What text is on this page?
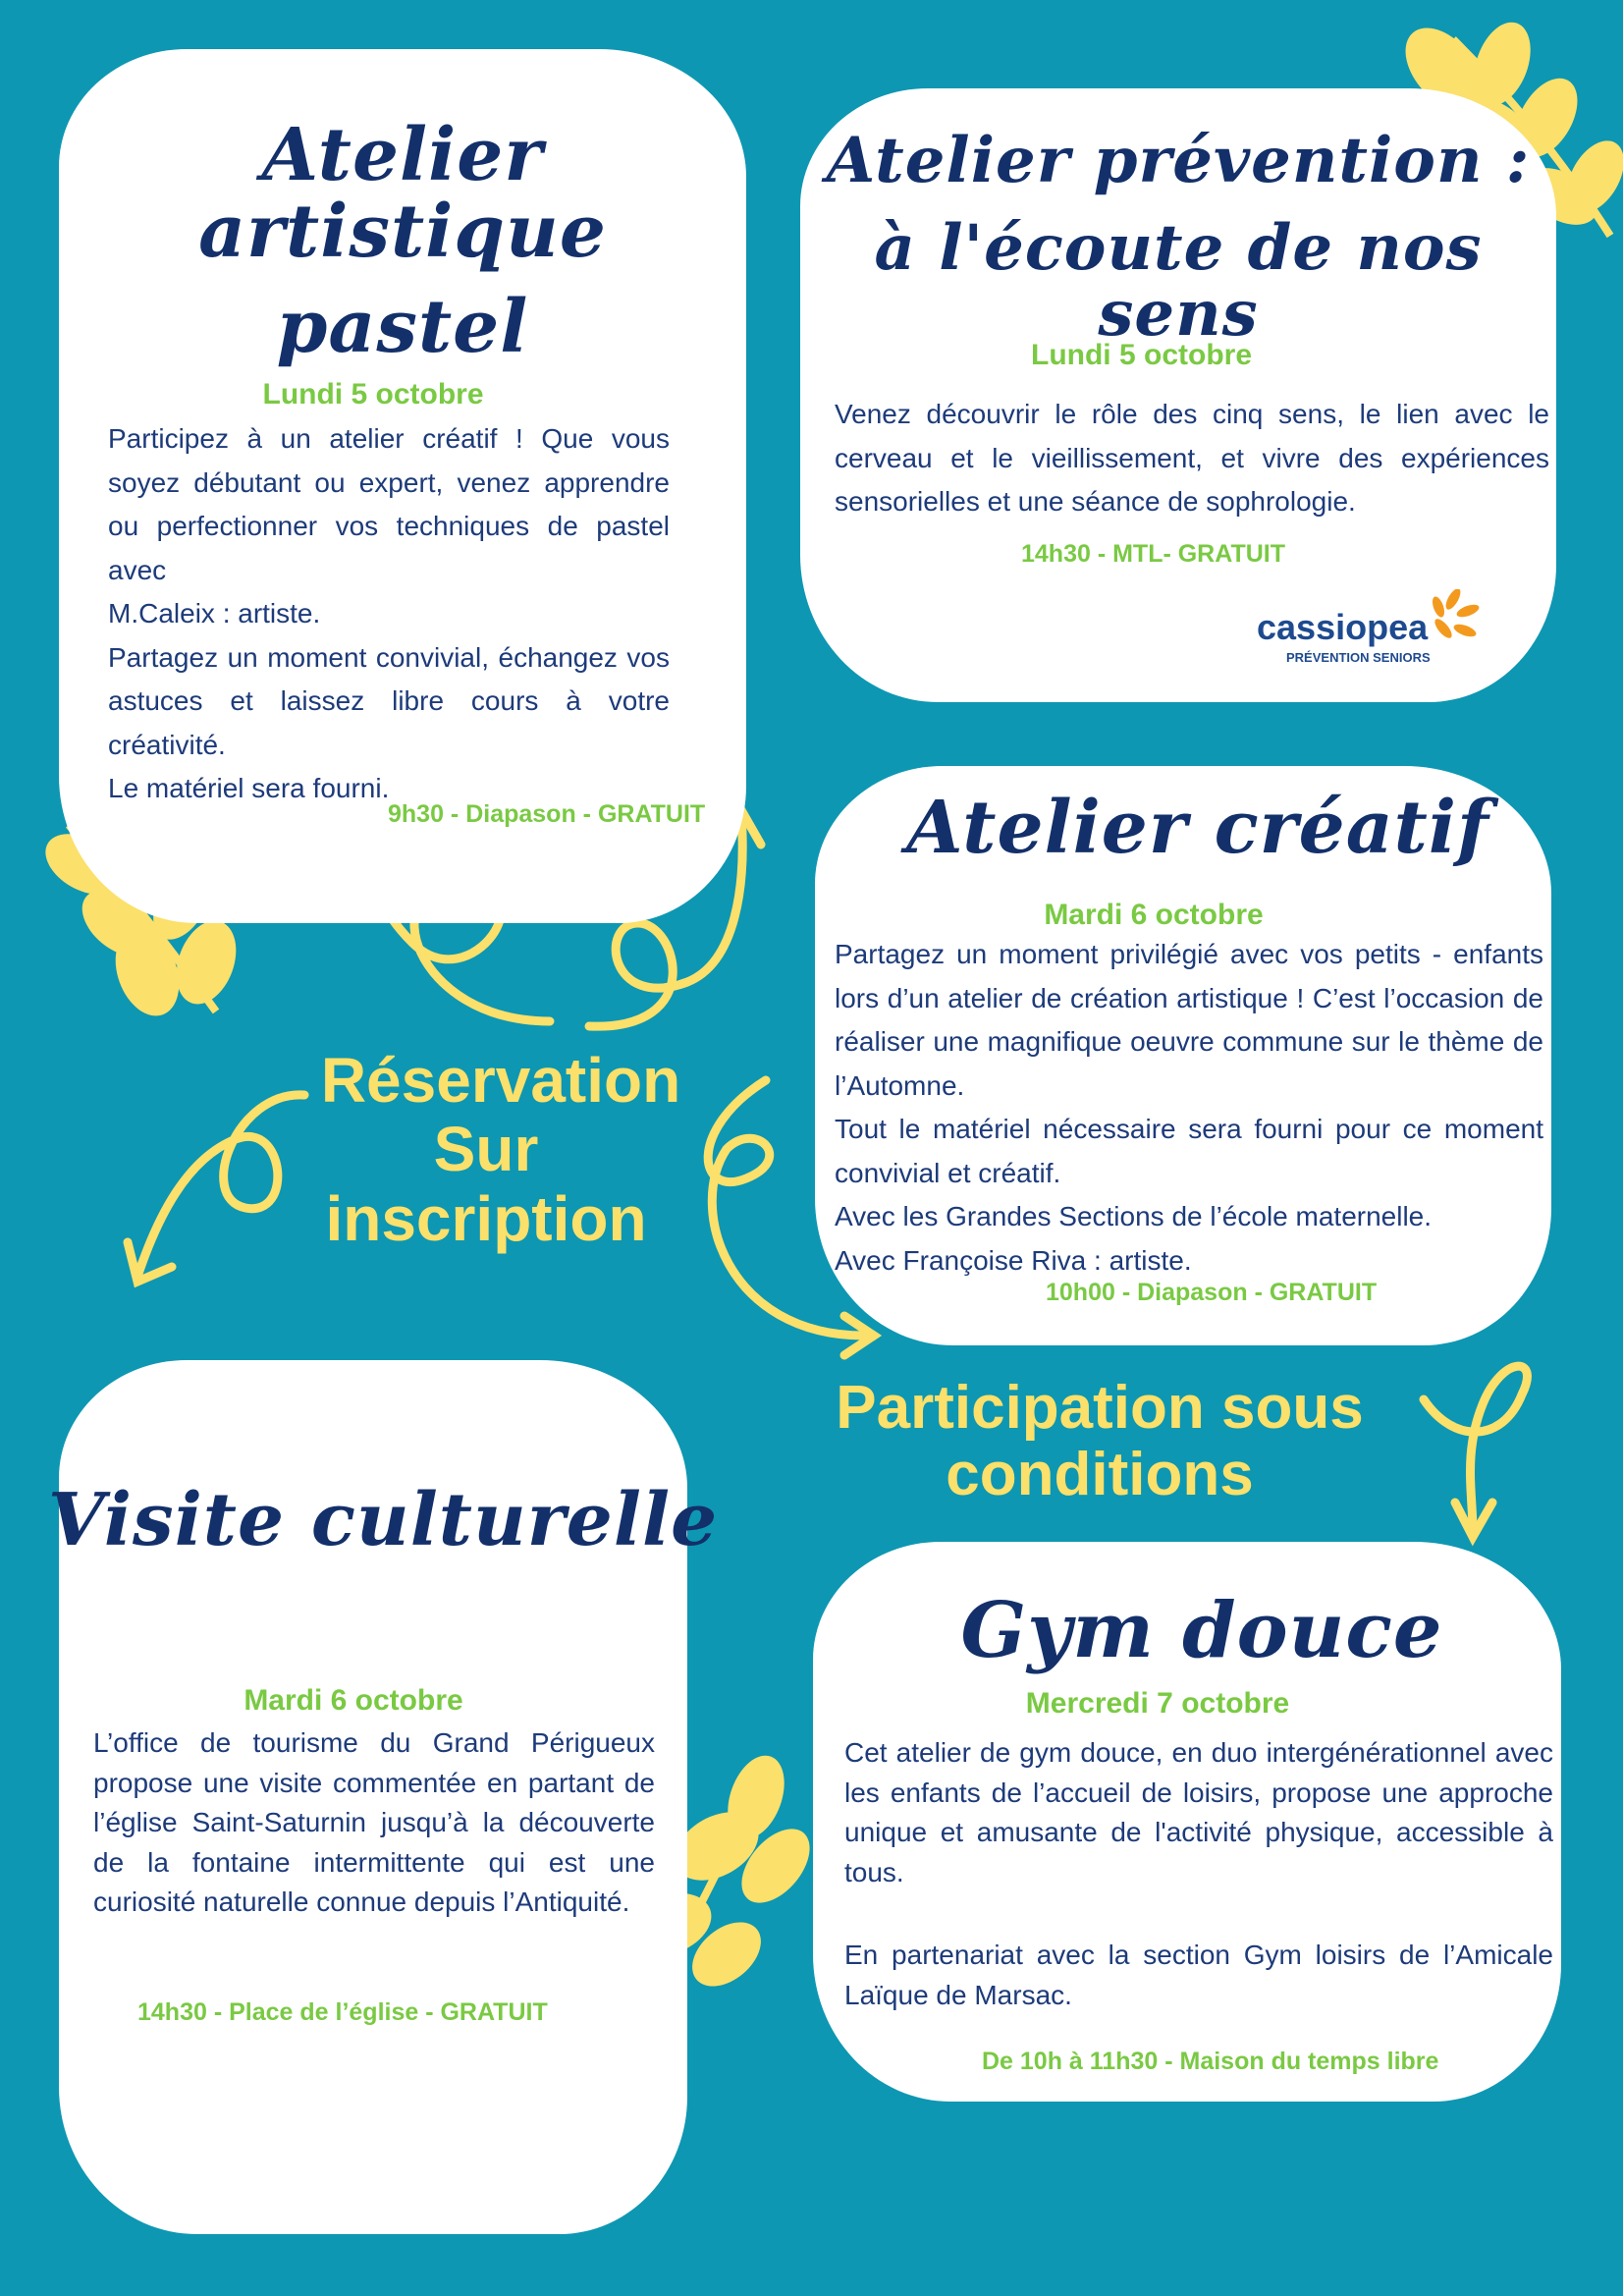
Atelier artistique
pastel
Lundi 5 octobre

Participez à un atelier créatif ! Que vous soyez débutant ou expert, venez apprendre ou perfectionner vos techniques de pastel avec

M.Caleix : artiste.

Partagez un moment convivial, échangez vos astuces et laissez libre cours à votre créativité.

Le matériel sera fourni.

9h30 - Diapason - GRATUIT
Atelier prévention :
à l'écoute de nos sens
Lundi 5 octobre

Venez découvrir le rôle des cinq sens, le lien avec le cerveau et le vieillissement, et vivre des expériences sensorielles et une séance de sophrologie.

14h30 - MTL- GRATUIT
cassiopea
PRÉVENTION SENIORS
Atelier créatif
Mardi 6 octobre

Partagez un moment privilégié avec vos petits - enfants lors d’un atelier de création artistique ! C’est l’occasion de réaliser une magnifique oeuvre commune sur le thème de l’Automne.

Tout le matériel nécessaire sera fourni pour ce moment convivial et créatif.

Avec les Grandes Sections de l’école maternelle.

Avec Françoise Riva : artiste.

10h00 - Diapason - GRATUIT
Visite culturelle
Mardi 6 octobre

L’office de tourisme du Grand Périgueux propose une visite commentée en partant de l’église Saint-Saturnin jusqu’à la découverte de la fontaine intermittente qui est une curiosité naturelle connue depuis l’Antiquité.

14h30 - Place de l’église - GRATUIT
Gym douce
Mercredi 7 octobre

Cet atelier de gym douce, en duo intergénérationnel avec les enfants de l’accueil de loisirs, propose une approche unique et amusante de l'activité physique, accessible à tous.

En partenariat avec la section Gym loisirs de l’Amicale Laïque de Marsac.

De 10h à 11h30 - Maison du temps libre
Réservation
Sur
inscription
Participation sous
conditions
